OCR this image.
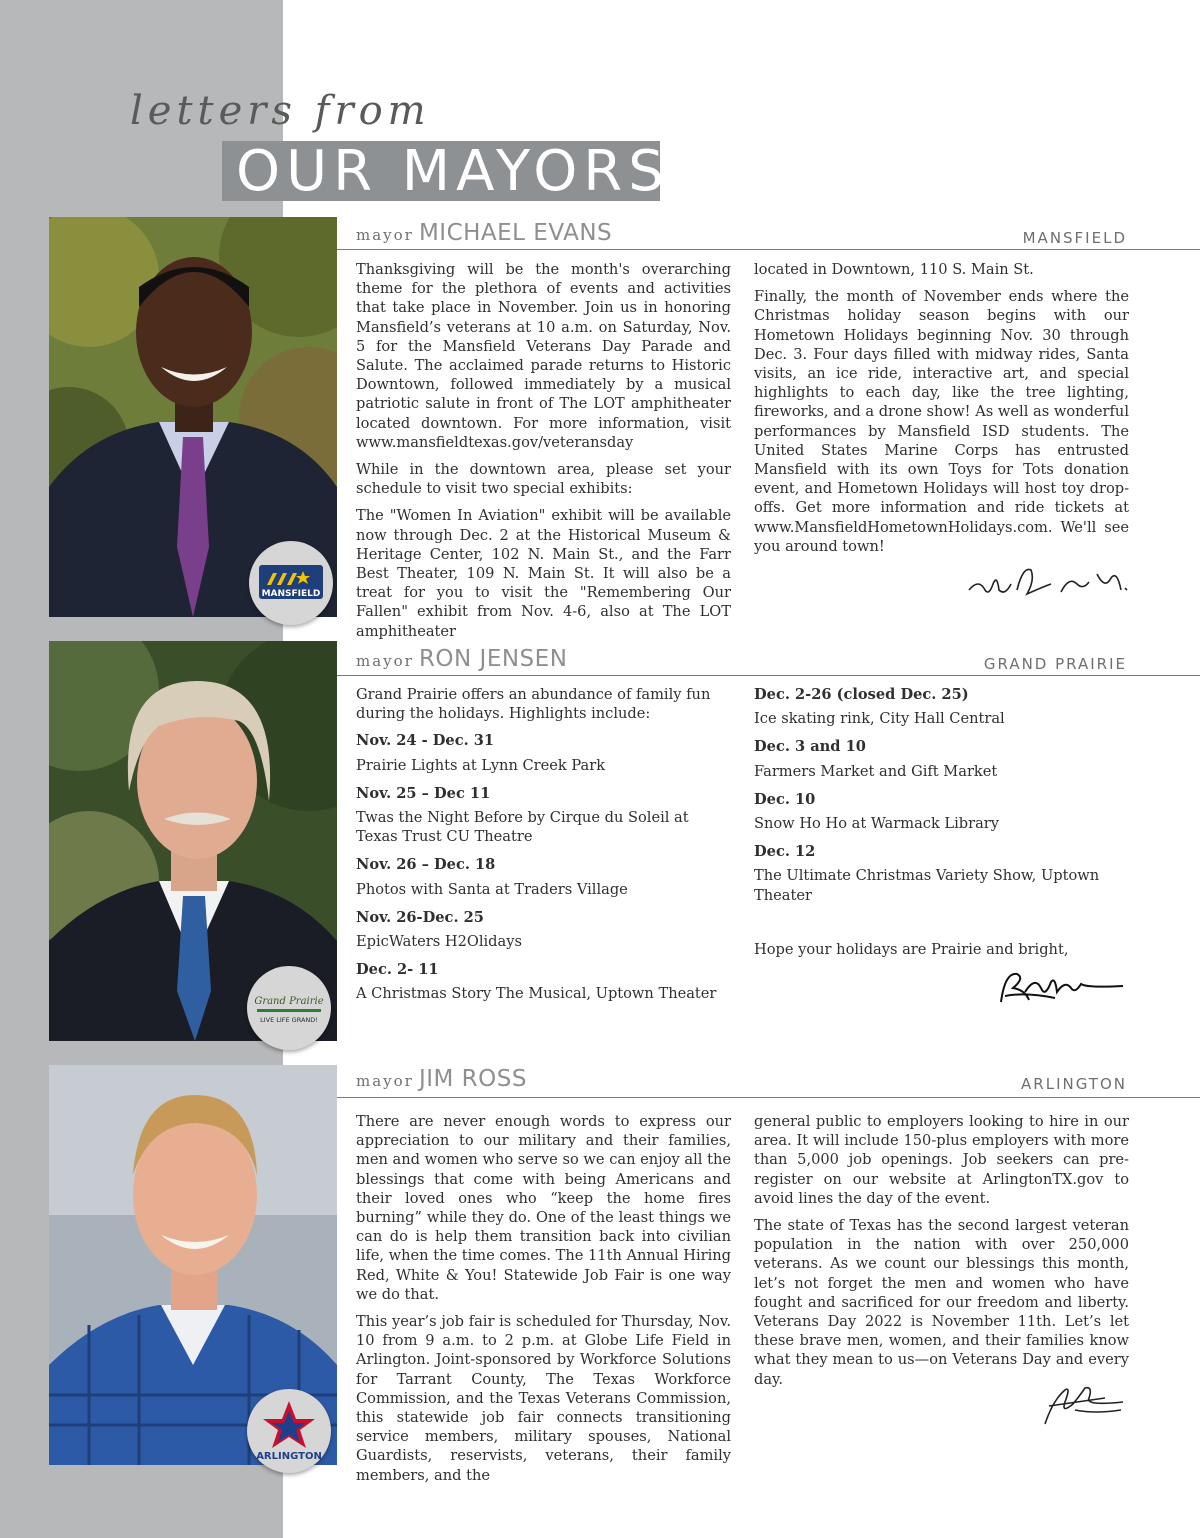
letters from
OUR MAYORS
MANSFIELD
mayor MICHAEL EVANS	MANSFIELD

Thanksgiving will be the month's overarching theme for the plethora of events and activities that take place in November. Join us in honoring Mansfield’s veterans at 10 a.m. on Saturday, Nov. 5 for the Mansfield Veterans Day Parade and Salute. The acclaimed parade returns to Historic Downtown, followed immediately by a musical patriotic salute in front of The LOT amphitheater located downtown. For more information, visit www.mansfieldtexas.gov/veteransday

While in the downtown area, please set your schedule to visit two special exhibits:

The "Women In Aviation" exhibit will be available now through Dec. 2 at the Historical Museum & Heritage Center, 102 N. Main St., and the Farr Best Theater, 109 N. Main St. It will also be a treat for you to visit the "Remembering Our Fallen" exhibit from Nov. 4-6, also at The LOT amphitheater

located in Downtown, 110 S. Main St.

Finally, the month of November ends where the Christmas holiday season begins with our Hometown Holidays beginning Nov. 30 through Dec. 3. Four days filled with midway rides, Santa visits, an ice ride, interactive art, and special highlights to each day, like the tree lighting, fireworks, and a drone show! As well as wonderful performances by Mansfield ISD students. The United States Marine Corps has entrusted Mansfield with its own Toys for Tots donation event, and Hometown Holidays will host toy drop-offs. Get more information and ride tickets at www.MansfieldHometownHolidays.com. We'll see you around town!

Grand Prairie
LIVE LIFE GRAND!
mayor RON JENSEN	GRAND PRAIRIE

Grand Prairie offers an abundance of family fun during the holidays. Highlights include:

Nov. 24 - Dec. 31
Prairie Lights at Lynn Creek Park
Nov. 25 – Dec 11
Twas the Night Before by Cirque du Soleil at Texas Trust CU Theatre
Nov. 26 – Dec. 18
Photos with Santa at Traders Village
Nov. 26-Dec. 25
EpicWaters H2Olidays
Dec. 2- 11
A Christmas Story The Musical, Uptown Theater
Dec. 2-26 (closed Dec. 25)
Ice skating rink, City Hall Central
Dec. 3 and 10
Farmers Market and Gift Market
Dec. 10
Snow Ho Ho at Warmack Library
Dec. 12
The Ultimate Christmas Variety Show, Uptown Theater
Hope your holidays are Prairie and bright,
ARLINGTON
mayor JIM ROSS	ARLINGTON

There are never enough words to express our appreciation to our military and their families, men and women who serve so we can enjoy all the blessings that come with being Americans and their loved ones who “keep the home fires burning” while they do. One of the least things we can do is help them transition back into civilian life, when the time comes. The 11th Annual Hiring Red, White & You! Statewide Job Fair is one way we do that.

This year’s job fair is scheduled for Thursday, Nov. 10 from 9 a.m. to 2 p.m. at Globe Life Field in Arlington. Joint-sponsored by Workforce Solutions for Tarrant County, The Texas Workforce Commission, and the Texas Veterans Commission, this statewide job fair connects transitioning service members, military spouses, National Guardists, reservists, veterans, their family members, and the

general public to employers looking to hire in our area. It will include 150-plus employers with more than 5,000 job openings. Job seekers can pre-register on our website at ArlingtonTX.gov to avoid lines the day of the event.

The state of Texas has the second largest veteran population in the nation with over 250,000 veterans. As we count our blessings this month, let’s not forget the men and women who have fought and sacrificed for our freedom and liberty. Veterans Day 2022 is November 11th. Let’s let these brave men, women, and their families know what they mean to us—on Veterans Day and every day.
